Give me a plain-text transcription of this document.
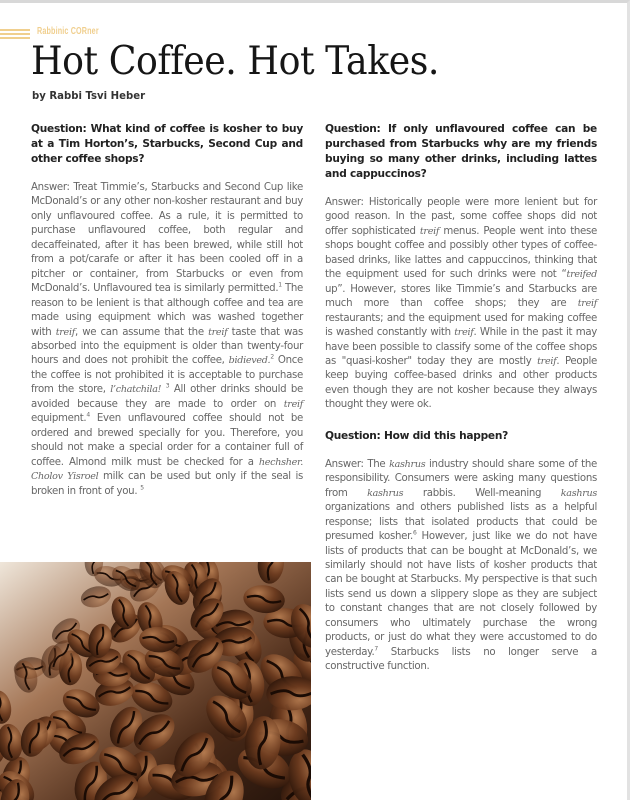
Rabbinic CORner
Hot Coffee. Hot Takes.
by Rabbi Tsvi Heber

Question: What kind of coffee is kosher to buy at a Tim Horton’s, Starbucks, Second Cup and other coffee shops?

Answer: Treat Timmie’s, Starbucks and Second Cup like McDonald’s or any other non-kosher restaurant and buy only unflavoured coffee. As a rule, it is permitted to purchase unflavoured coffee, both regular and decaffeinated, after it has been brewed, while still hot from a pot/carafe or after it has been cooled off in a pitcher or container, from Starbucks or even from McDonald’s. Unflavoured tea is similarly permitted.$^1$ The reason to be lenient is that although coffee and tea are made using equipment which was washed together with treif, we can assume that the treif taste that was absorbed into the equipment is older than twenty-four hours and does not prohibit the coffee, bidieved.$^2$ Once the coffee is not prohibited it is acceptable to purchase from the store, l’chatchila! $^3$ All other drinks should be avoided because they are made to order on treif equipment.$^4$ Even unflavoured coffee should not be ordered and brewed specially for you. Therefore, you should not make a special order for a container full of coffee. Almond milk must be checked for a hechsher. Cholov Yisroel milk can be used but only if the seal is broken in front of you. $^5$

Question: If only unflavoured coffee can be purchased from Starbucks why are my friends buying so many other drinks, including lattes and cappuccinos?

Answer: Historically people were more lenient but for good reason. In the past, some coffee shops did not offer sophisticated treif menus. People went into these shops bought coffee and possibly other types of coffee-based drinks, like lattes and cappuccinos, thinking that the equipment used for such drinks were not “treifed up”. However, stores like Timmie’s and Starbucks are much more than coffee shops; they are treif restaurants; and the equipment used for making coffee is washed constantly with treif. While in the past it may have been possible to classify some of the coffee shops as "quasi-kosher" today they are mostly treif. People keep buying coffee-based drinks and other products even though they are not kosher because they always thought they were ok.

Question: How did this happen?

Answer: The kashrus industry should share some of the responsibility. Consumers were asking many questions from kashrus rabbis. Well-meaning kashrus organizations and others published lists as a helpful response; lists that isolated products that could be presumed kosher.$^6$ However, just like we do not have lists of products that can be bought at McDonald’s, we similarly should not have lists of kosher products that can be bought at Starbucks. My perspective is that such lists send us down a slippery slope as they are subject to constant changes that are not closely followed by consumers who ultimately purchase the wrong products, or just do what they were accustomed to do yesterday.$^7$ Starbucks lists no longer serve a constructive function.
